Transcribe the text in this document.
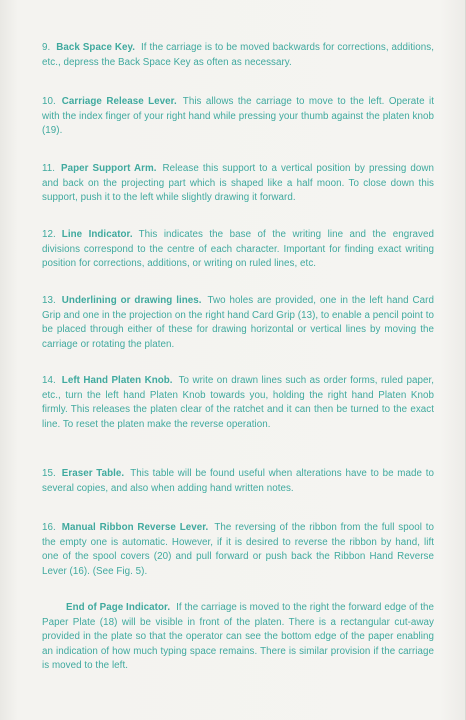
9. Back Space Key. If the carriage is to be moved backwards for corrections, additions, etc., depress the Back Space Key as often as necessary.
10. Carriage Release Lever. This allows the carriage to move to the left. Operate it with the index finger of your right hand while pressing your thumb against the platen knob (19).
11. Paper Support Arm. Release this support to a vertical position by pressing down and back on the projecting part which is shaped like a half moon. To close down this support, push it to the left while slightly drawing it forward.
12. Line Indicator. This indicates the base of the writing line and the engraved divisions correspond to the centre of each character. Important for finding exact writing position for corrections, additions, or writing on ruled lines, etc.
13. Underlining or drawing lines. Two holes are provided, one in the left hand Card Grip and one in the projection on the right hand Card Grip (13), to enable a pencil point to be placed through either of these for drawing horizontal or vertical lines by moving the carriage or rotating the platen.
14. Left Hand Platen Knob. To write on drawn lines such as order forms, ruled paper, etc., turn the left hand Platen Knob towards you, holding the right hand Platen Knob firmly. This releases the platen clear of the ratchet and it can then be turned to the exact line. To reset the platen make the reverse operation.
15. Eraser Table. This table will be found useful when alterations have to be made to several copies, and also when adding hand written notes.
16. Manual Ribbon Reverse Lever. The reversing of the ribbon from the full spool to the empty one is automatic. However, if it is desired to reverse the ribbon by hand, lift one of the spool covers (20) and pull forward or push back the Ribbon Hand Reverse Lever (16). (See Fig. 5).
End of Page Indicator. If the carriage is moved to the right the forward edge of the Paper Plate (18) will be visible in front of the platen. There is a rectangular cut-away provided in the plate so that the operator can see the bottom edge of the paper enabling an indication of how much typing space remains. There is similar provision if the carriage is moved to the left.
